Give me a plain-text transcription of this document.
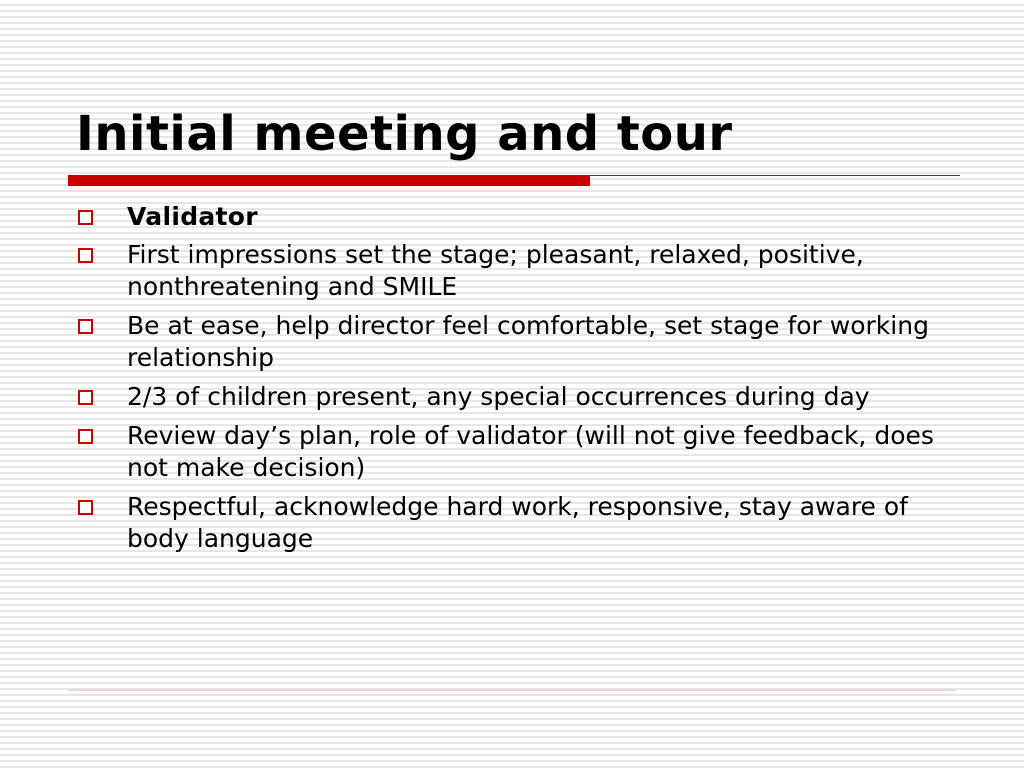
Initial meeting and tour
Validator
First impressions set the stage; pleasant, relaxed, positive, nonthreatening and SMILE
Be at ease, help director feel comfortable, set stage for working relationship
2/3 of children present, any special occurrences during day
Review day’s plan, role of validator (will not give feedback, does not make decision)
Respectful, acknowledge hard work, responsive, stay aware of body language
